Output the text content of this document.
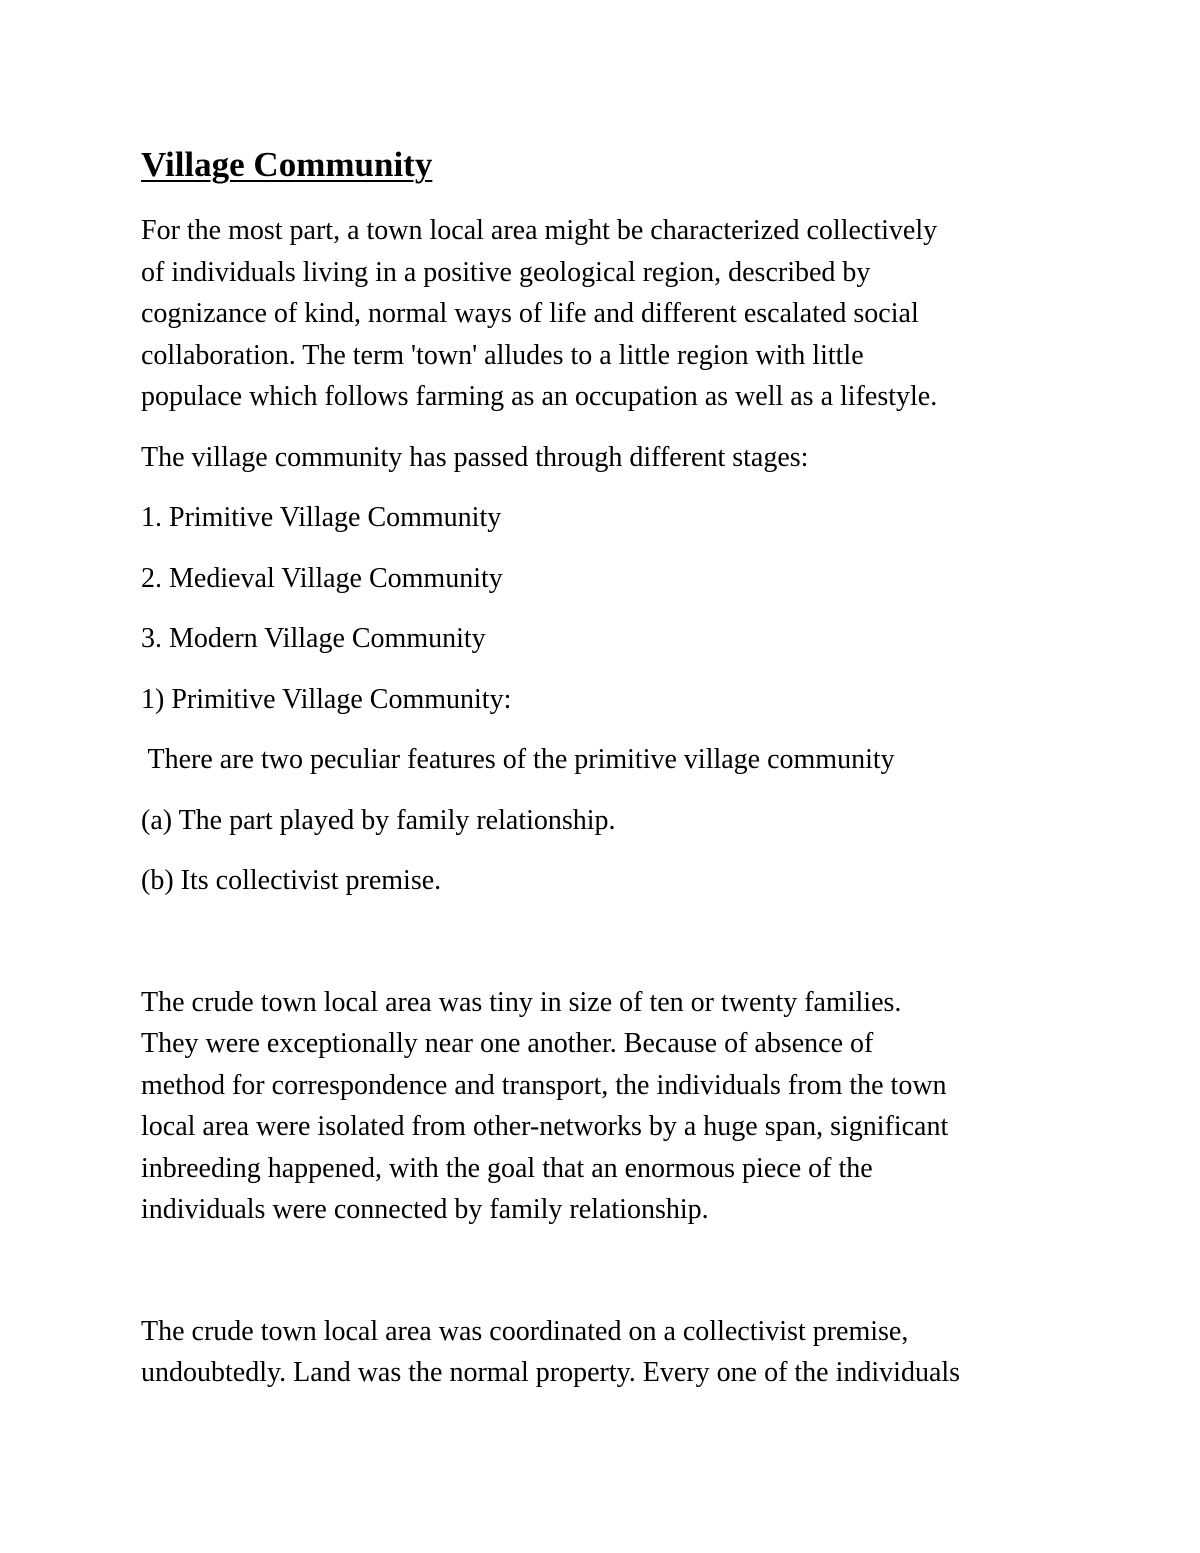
Village Community

For the most part, a town local area might be characterized collectively
of individuals living in a positive geological region, described by
cognizance of kind, normal ways of life and different escalated social
collaboration. The term 'town' alludes to a little region with little
populace which follows farming as an occupation as well as a lifestyle.

The village community has passed through different stages:

1. Primitive Village Community

2. Medieval Village Community

3. Modern Village Community

1) Primitive Village Community:

There are two peculiar features of the primitive village community

(a) The part played by family relationship.

(b) Its collectivist premise.

The crude town local area was tiny in size of ten or twenty families.
They were exceptionally near one another. Because of absence of
method for correspondence and transport, the individuals from the town
local area were isolated from other-networks by a huge span, significant
inbreeding happened, with the goal that an enormous piece of the
individuals were connected by family relationship.

The crude town local area was coordinated on a collectivist premise,
undoubtedly. Land was the normal property. Every one of the individuals
